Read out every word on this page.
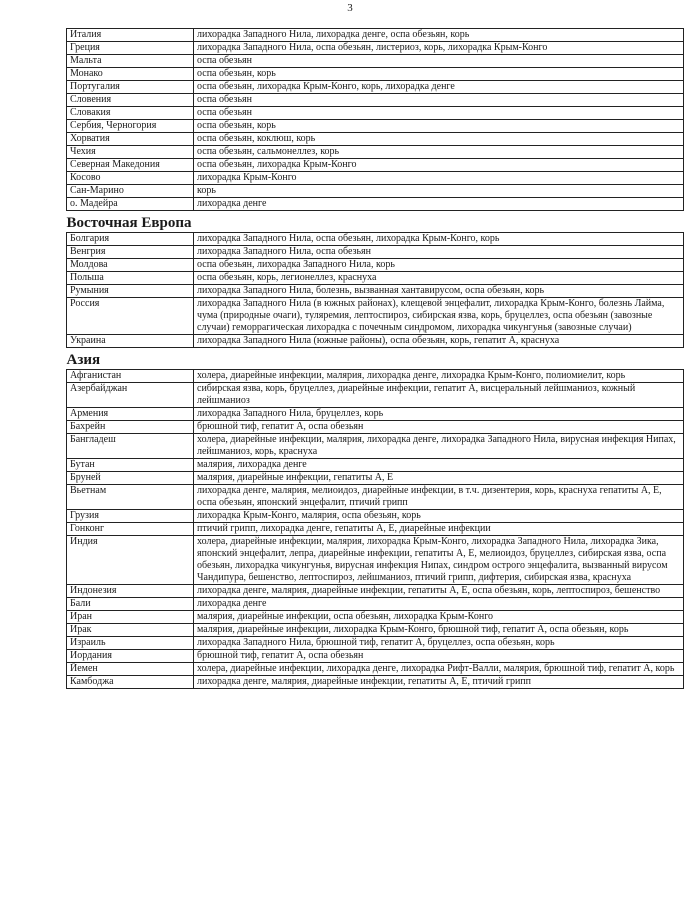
3
Италия	лихорадка Западного Нила, лихорадка денге, оспа обезьян, корь
Греция	лихорадка Западного Нила, оспа обезьян, листериоз, корь, лихорадка Крым-Конго
Мальта	оспа обезьян
Монако	оспа обезьян, корь
Португалия	оспа обезьян, лихорадка Крым-Конго, корь, лихорадка денге
Словения	оспа обезьян
Словакия	оспа обезьян
Сербия, Черногория	оспа обезьян, корь
Хорватия	оспа обезьян, коклюш, корь
Чехия	оспа обезьян, сальмонеллез, корь
Северная Македония	оспа обезьян, лихорадка Крым-Конго
Косово	лихорадка Крым-Конго
Сан-Марино	корь
о. Мадейра	лихорадка денге
Восточная Европа	
Болгария	лихорадка Западного Нила, оспа обезьян, лихорадка Крым-Конго, корь
Венгрия	лихорадка Западного Нила, оспа обезьян
Молдова	оспа обезьян, лихорадка Западного Нила, корь
Польша	оспа обезьян, корь, легионеллез, краснуха
Румыния	лихорадка Западного Нила, болезнь, вызванная хантавирусом, оспа обезьян, корь
Россия	лихорадка Западного Нила (в южных районах), клещевой энцефалит, лихорадка Крым-Конго, болезнь Лайма, чума (природные очаги), туляремия, лептоспироз, сибирская язва, корь, бруцеллез, оспа обезьян (завозные случаи) геморрагическая лихорадка с почечным синдромом, лихорадка чикунгунья (завозные случаи)
Украина	лихорадка Западного Нила (южные районы), оспа обезьян, корь, гепатит А, краснуха
Азия	
Афганистан	холера, диарейные инфекции, малярия, лихорадка денге, лихорадка Крым-Конго, полиомиелит, корь
Азербайджан	сибирская язва, корь, бруцеллез, диарейные инфекции, гепатит А, висцеральный лейшманиоз, кожный лейшманиоз
Армения	лихорадка Западного Нила, бруцеллез, корь
Бахрейн	брюшной тиф, гепатит А, оспа обезьян
Бангладеш	холера, диарейные инфекции, малярия, лихорадка денге, лихорадка Западного Нила, вирусная инфекция Нипах, лейшманиоз, корь, краснуха
Бутан	малярия, лихорадка денге
Бруней	малярия, диарейные инфекции, гепатиты А, Е
Вьетнам	лихорадка денге, малярия, мелиоидоз, диарейные инфекции, в т.ч. дизентерия, корь, краснуха гепатиты А, Е, оспа обезьян, японский энцефалит, птичий грипп
Грузия	лихорадка Крым-Конго, малярия, оспа обезьян, корь
Гонконг	птичий грипп, лихорадка денге, гепатиты А, Е, диарейные инфекции
Индия	холера, диарейные инфекции, малярия, лихорадка Крым-Конго, лихорадка Западного Нила, лихорадка Зика, японский энцефалит, лепра, диарейные инфекции, гепатиты А, Е, мелиоидоз, бруцеллез, сибирская язва, оспа обезьян, лихорадка чикунгунья, вирусная инфекция Нипах, синдром острого энцефалита, вызванный вирусом Чандипура, бешенство, лептоспироз, лейшманиоз, птичий грипп, дифтерия, сибирская язва, краснуха
Индонезия	лихорадка денге, малярия, диарейные инфекции, гепатиты А, Е, оспа обезьян, корь, лептоспироз, бешенство
Бали	лихорадка денге
Иран	малярия, диарейные инфекции, оспа обезьян, лихорадка Крым-Конго
Ирак	малярия, диарейные инфекции, лихорадка Крым-Конго, брюшной тиф, гепатит А, оспа обезьян, корь
Израиль	лихорадка Западного Нила, брюшной тиф, гепатит А, бруцеллез, оспа обезьян, корь
Иордания	брюшной тиф, гепатит А, оспа обезьян
Йемен	холера, диарейные инфекции, лихорадка денге, лихорадка Рифт-Валли, малярия, брюшной тиф, гепатит А, корь
Камбоджа	лихорадка денге, малярия, диарейные инфекции, гепатиты А, Е, птичий грипп
